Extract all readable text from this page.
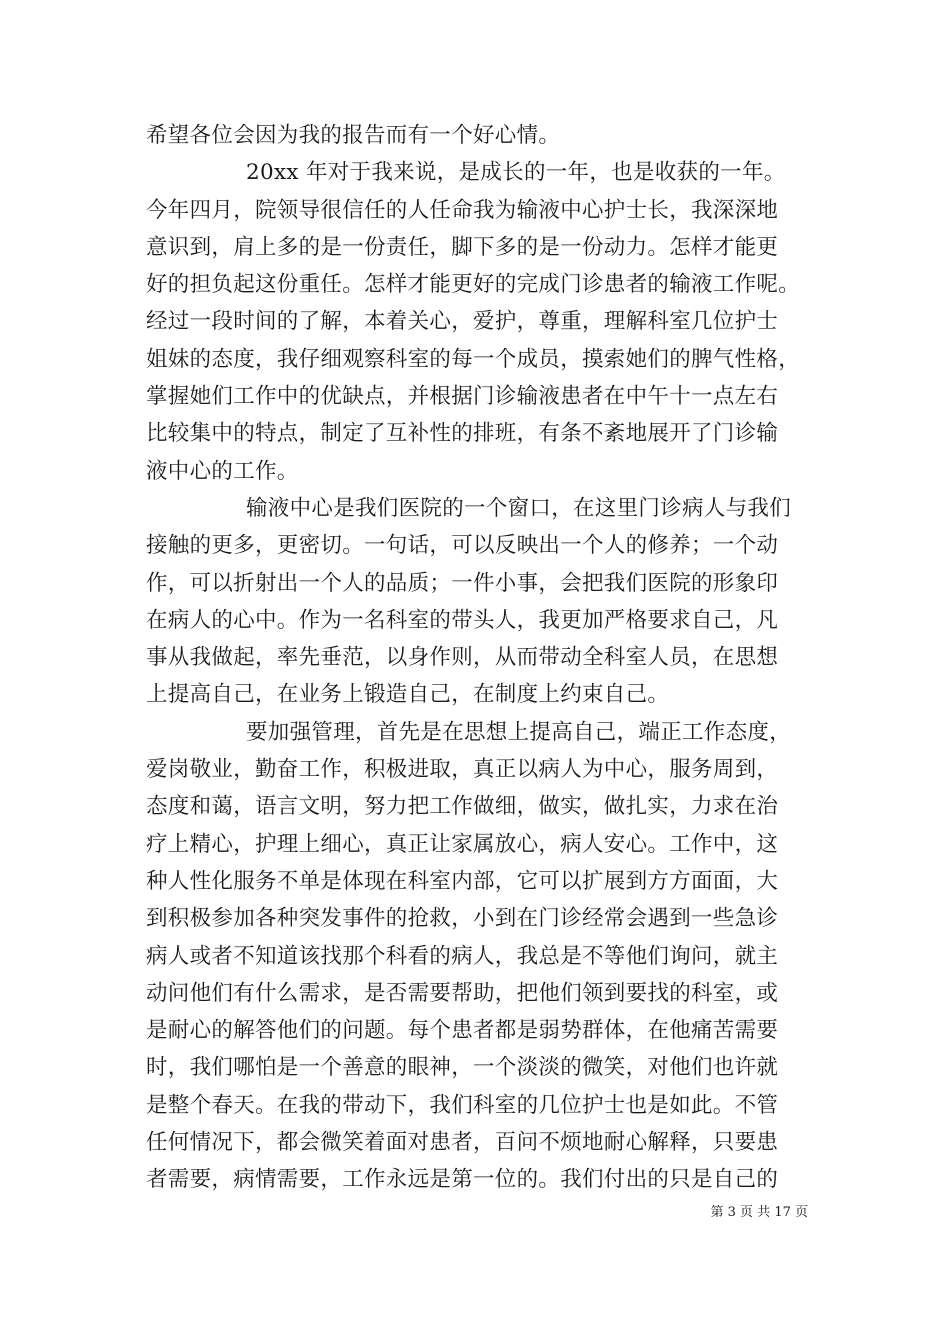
希望各位会因为我的报告而有一个好心情。
20xx 年对于我来说，是成长的一年，也是收获的一年。
今年四月，院领导很信任的人任命我为输液中心护士长，我深深地
意识到，肩上多的是一份责任，脚下多的是一份动力。怎样才能更
好的担负起这份重任。怎样才能更好的完成门诊患者的输液工作呢。
经过一段时间的了解，本着关心，爱护，尊重，理解科室几位护士
姐妹的态度，我仔细观察科室的每一个成员，摸索她们的脾气性格，
掌握她们工作中的优缺点，并根据门诊输液患者在中午十一点左右
比较集中的特点，制定了互补性的排班，有条不紊地展开了门诊输
液中心的工作。
输液中心是我们医院的一个窗口，在这里门诊病人与我们
接触的更多，更密切。一句话，可以反映出一个人的修养；一个动
作，可以折射出一个人的品质；一件小事，会把我们医院的形象印
在病人的心中。作为一名科室的带头人，我更加严格要求自己，凡
事从我做起，率先垂范，以身作则，从而带动全科室人员，在思想
上提高自己，在业务上锻造自己，在制度上约束自己。
要加强管理，首先是在思想上提高自己，端正工作态度，
爱岗敬业，勤奋工作，积极进取，真正以病人为中心，服务周到，
态度和蔼，语言文明，努力把工作做细，做实，做扎实，力求在治
疗上精心，护理上细心，真正让家属放心，病人安心。工作中，这
种人性化服务不单是体现在科室内部，它可以扩展到方方面面，大
到积极参加各种突发事件的抢救，小到在门诊经常会遇到一些急诊
病人或者不知道该找那个科看的病人，我总是不等他们询问，就主
动问他们有什么需求，是否需要帮助，把他们领到要找的科室，或
是耐心的解答他们的问题。每个患者都是弱势群体，在他痛苦需要
时，我们哪怕是一个善意的眼神，一个淡淡的微笑，对他们也许就
是整个春天。在我的带动下，我们科室的几位护士也是如此。不管
任何情况下，都会微笑着面对患者，百问不烦地耐心解释，只要患
者需要，病情需要，工作永远是第一位的。我们付出的只是自己的
第 3 页 共 17 页
